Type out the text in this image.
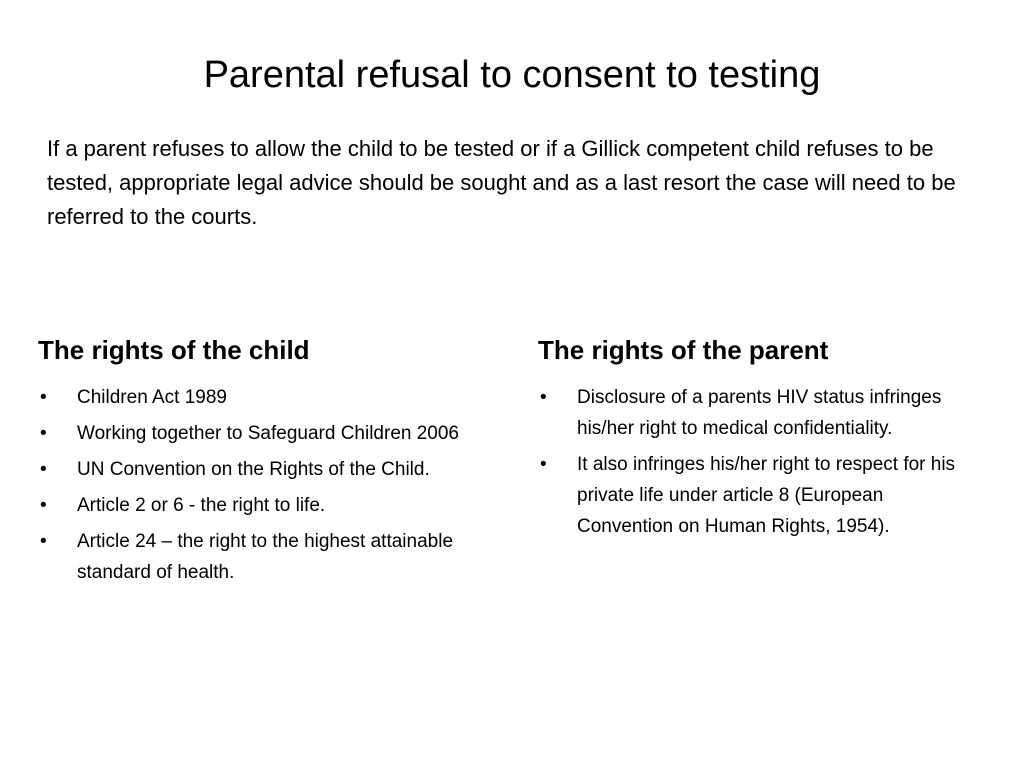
Parental refusal to consent to testing

If a parent refuses to allow the child to be tested or if a Gillick competent child refuses to be tested, appropriate legal advice should be sought and as a last resort the case will need to be referred to the courts.

The rights of the child
• Children Act 1989
• Working together to Safeguard Children 2006
• UN Convention on the Rights of the Child.
• Article 2 or 6 - the right to life.
• Article 24 – the right to the highest attainable standard of health.
The rights of the parent
• Disclosure of a parents HIV status infringes his/her right to medical confidentiality.
• It also infringes his/her right to respect for his private life under article 8 (European Convention on Human Rights, 1954).
